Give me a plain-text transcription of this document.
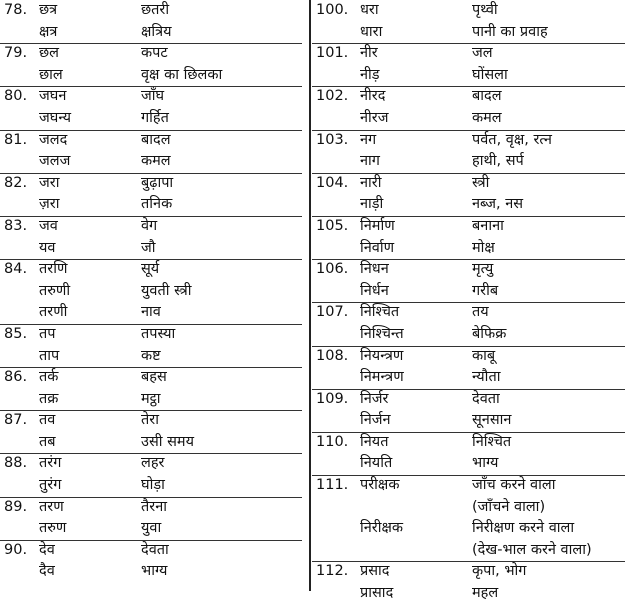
78. छत्र	छतरी
क्षत्र	क्षत्रिय
79. छल	कपट
छाल	वृक्ष का छिलका
80. जघन	जाँघ
जघन्य	गर्हित
81. जलद	बादल
जलज	कमल
82. जरा	बुढ़ापा
ज़रा	तनिक
83. जव	वेग
यव	जौ
84. तरणि	सूर्य
तरुणी	युवती स्त्री
तरणी	नाव
85. तप	तपस्या
ताप	कष्ट
86. तर्क	बहस
तक्र	मट्ठा
87. तव	तेरा
तब	उसी समय
88. तरंग	लहर
तुरंग	घोड़ा
89. तरण	तैरना
तरुण	युवा
90. देव	देवता
दैव	भाग्य
100. धरा	पृथ्वी
धारा	पानी का प्रवाह
101. नीर	जल
नीड़	घोंसला
102. नीरद	बादल
नीरज	कमल
103. नग	पर्वत, वृक्ष, रत्न
नाग	हाथी, सर्प
104. नारी	स्त्री
नाड़ी	नब्ज, नस
105. निर्माण	बनाना
निर्वाण	मोक्ष
106. निधन	मृत्यु
निर्धन	गरीब
107. निश्चित	तय
निश्चिन्त	बेफिक्र
108. नियन्त्रण	काबू
निमन्त्रण	न्यौता
109. निर्जर	देवता
निर्जन	सूनसान
110. नियत	निश्चित
नियति	भाग्य
111. परीक्षक	जाँच करने वाला
(जाँचने वाला)
निरीक्षक	निरीक्षण करने वाला
(देख-भाल करने वाला)
112. प्रसाद	कृपा, भोग
प्रासाद	महल
